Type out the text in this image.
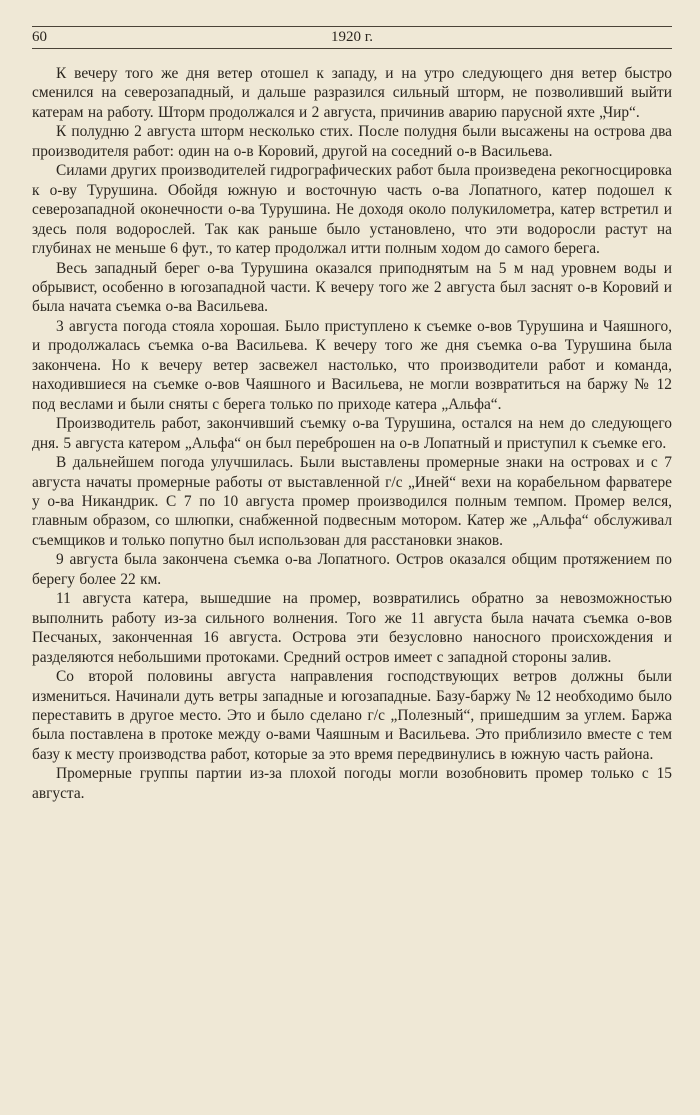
60	1920 г.

К вечеру того же дня ветер отошел к западу, и на утро следующего дня ветер быстро сменился на северозападный, и дальше разразился сильный шторм, не позволивший выйти катерам на работу. Шторм продолжался и 2 августа, причинив аварию парусной яхте „Чир“.

К полудню 2 августа шторм несколько стих. После полудня были высажены на острова два производителя работ: один на о-в Коровий, другой на соседний о-в Васильева.

Силами других производителей гидрографических работ была произведена рекогносцировка к о-ву Турушина. Обойдя южную и восточную часть о-ва Лопатного, катер подошел к северозападной оконечности о-ва Турушина. Не доходя около полукилометра, катер встретил и здесь поля водорослей. Так как раньше было установлено, что эти водоросли растут на глубинах не меньше 6 фут., то катер продолжал итти полным ходом до самого берега.

Весь западный берег о-ва Турушина оказался приподнятым на 5 м над уровнем воды и обрывист, особенно в югозападной части. К вечеру того же 2 августа был заснят о-в Коровий и была начата съемка о-ва Васильева.

3 августа погода стояла хорошая. Было приступлено к съемке о-вов Турушина и Чаяшного, и продолжалась съемка о-ва Васильева. К вечеру того же дня съемка о-ва Турушина была закончена. Но к вечеру ветер засвежел настолько, что производители работ и команда, находившиеся на съемке о-вов Чаяшного и Васильева, не могли возвратиться на баржу № 12 под веслами и были сняты с берега только по приходе катера „Альфа“.

Производитель работ, закончивший съемку о-ва Турушина, остался на нем до следующего дня. 5 августа катером „Альфа“ он был переброшен на о-в Лопатный и приступил к съемке его.

В дальнейшем погода улучшилась. Были выставлены промерные знаки на островах и с 7 августа начаты промерные работы от выставленной г/с „Иней“ вехи на корабельном фарватере у о-ва Никандрик. С 7 по 10 августа промер производился полным темпом. Промер велся, главным образом, со шлюпки, снабженной подвесным мотором. Катер же „Альфа“ обслуживал съемщиков и только попутно был использован для расстановки знаков.

9 августа была закончена съемка о-ва Лопатного. Остров оказался общим протяжением по берегу более 22 км.

11 августа катера, вышедшие на промер, возвратились обратно за невозможностью выполнить работу из-за сильного волнения. Того же 11 августа была начата съемка о-вов Песчаных, законченная 16 августа. Острова эти безусловно наносного происхождения и разделяются небольшими протоками. Средний остров имеет с западной стороны залив.

Со второй половины августа направления господствующих ветров должны были измениться. Начинали дуть ветры западные и югозападные. Базу-баржу № 12 необходимо было переставить в другое место. Это и было сделано г/с „Полезный“, пришедшим за углем. Баржа была поставлена в протоке между о-вами Чаяшным и Васильева. Это приблизило вместе с тем базу к месту производства работ, которые за это время передвинулись в южную часть района.

Промерные группы партии из-за плохой погоды могли возобновить промер только с 15 августа.
